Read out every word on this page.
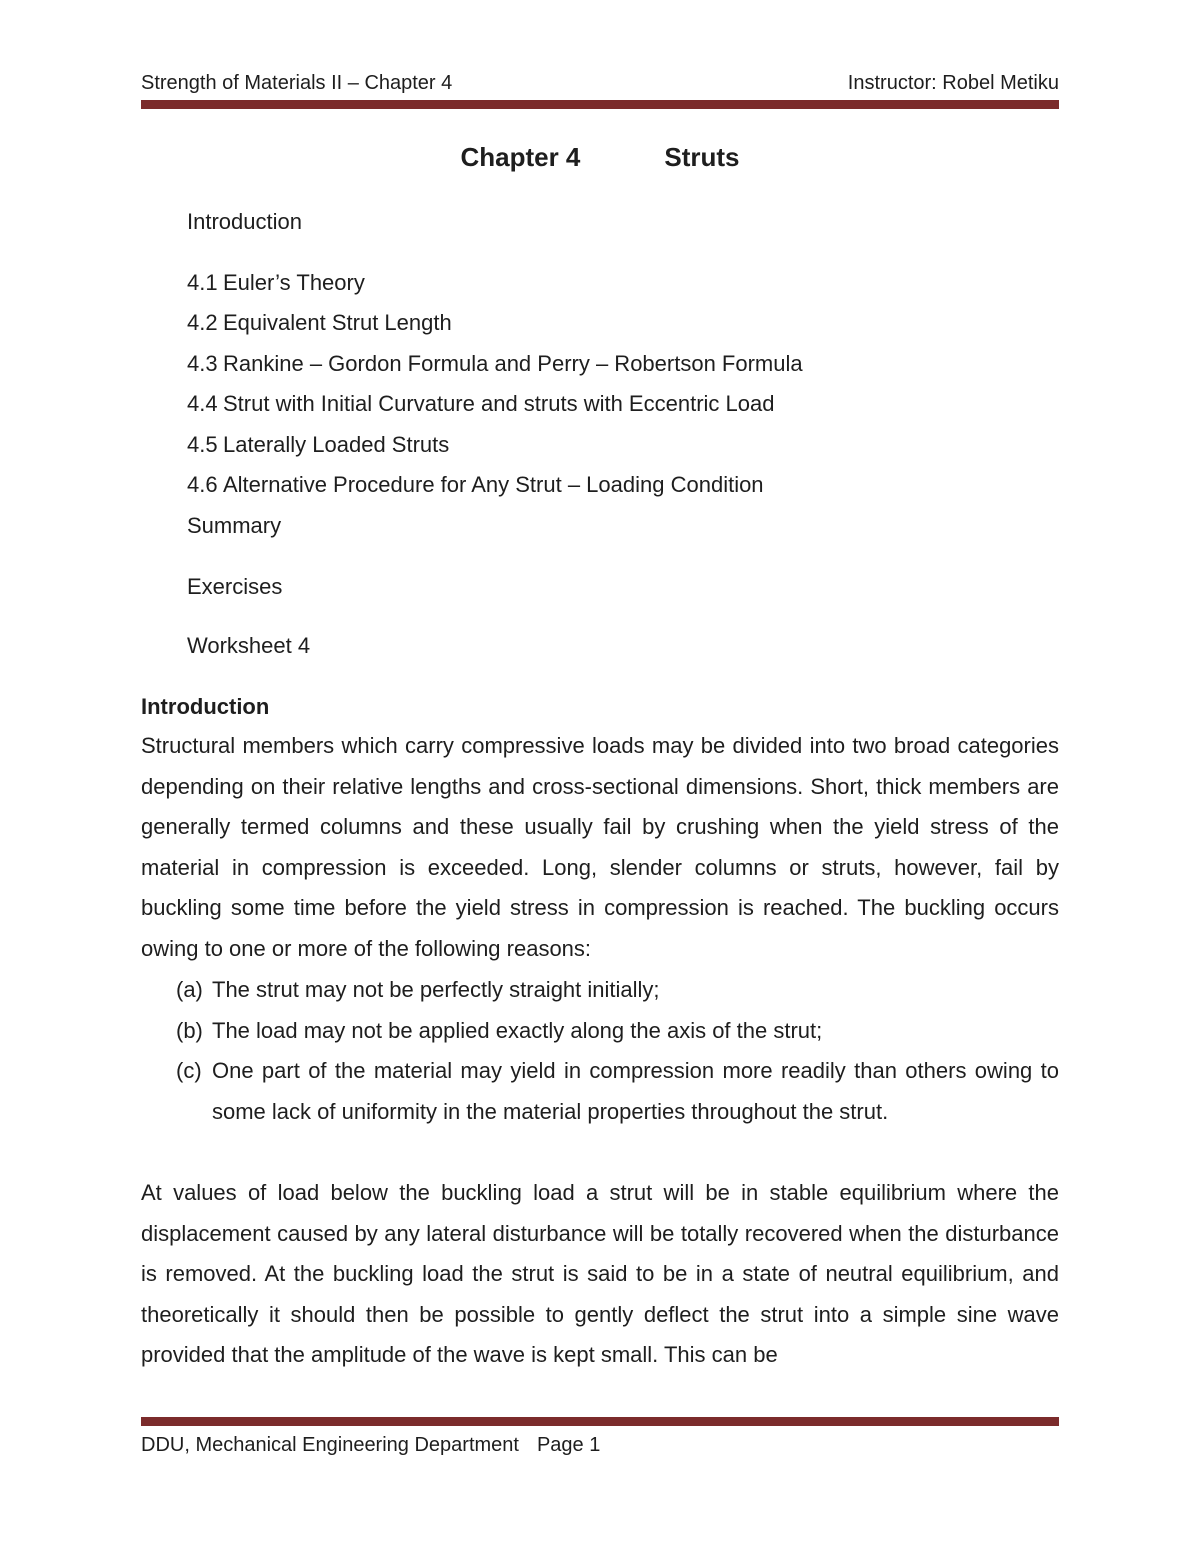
Strength of Materials II – Chapter 4	Instructor: Robel Metiku
Chapter 4	Struts
Introduction
4.1 Euler’s Theory
4.2 Equivalent Strut Length
4.3 Rankine – Gordon Formula and Perry – Robertson Formula
4.4 Strut with Initial Curvature and struts with Eccentric Load
4.5 Laterally Loaded Struts
4.6 Alternative Procedure for Any Strut – Loading Condition
Summary
Exercises
Worksheet 4
Introduction
Structural members which carry compressive loads may be divided into two broad categories depending on their relative lengths and cross-sectional dimensions. Short, thick members are generally termed columns and these usually fail by crushing when the yield stress of the material in compression is exceeded. Long, slender columns or struts, however, fail by buckling some time before the yield stress in compression is reached. The buckling occurs owing to one or more of the following reasons:
(a) The strut may not be perfectly straight initially;
(b) The load may not be applied exactly along the axis of the strut;
(c) One part of the material may yield in compression more readily than others owing to some lack of uniformity in the material properties throughout the strut.
At values of load below the buckling load a strut will be in stable equilibrium where the displacement caused by any lateral disturbance will be totally recovered when the disturbance is removed. At the buckling load the strut is said to be in a state of neutral equilibrium, and theoretically it should then be possible to gently deflect the strut into a simple sine wave provided that the amplitude of the wave is kept small. This can be
DDU, Mechanical Engineering Department Page 1
